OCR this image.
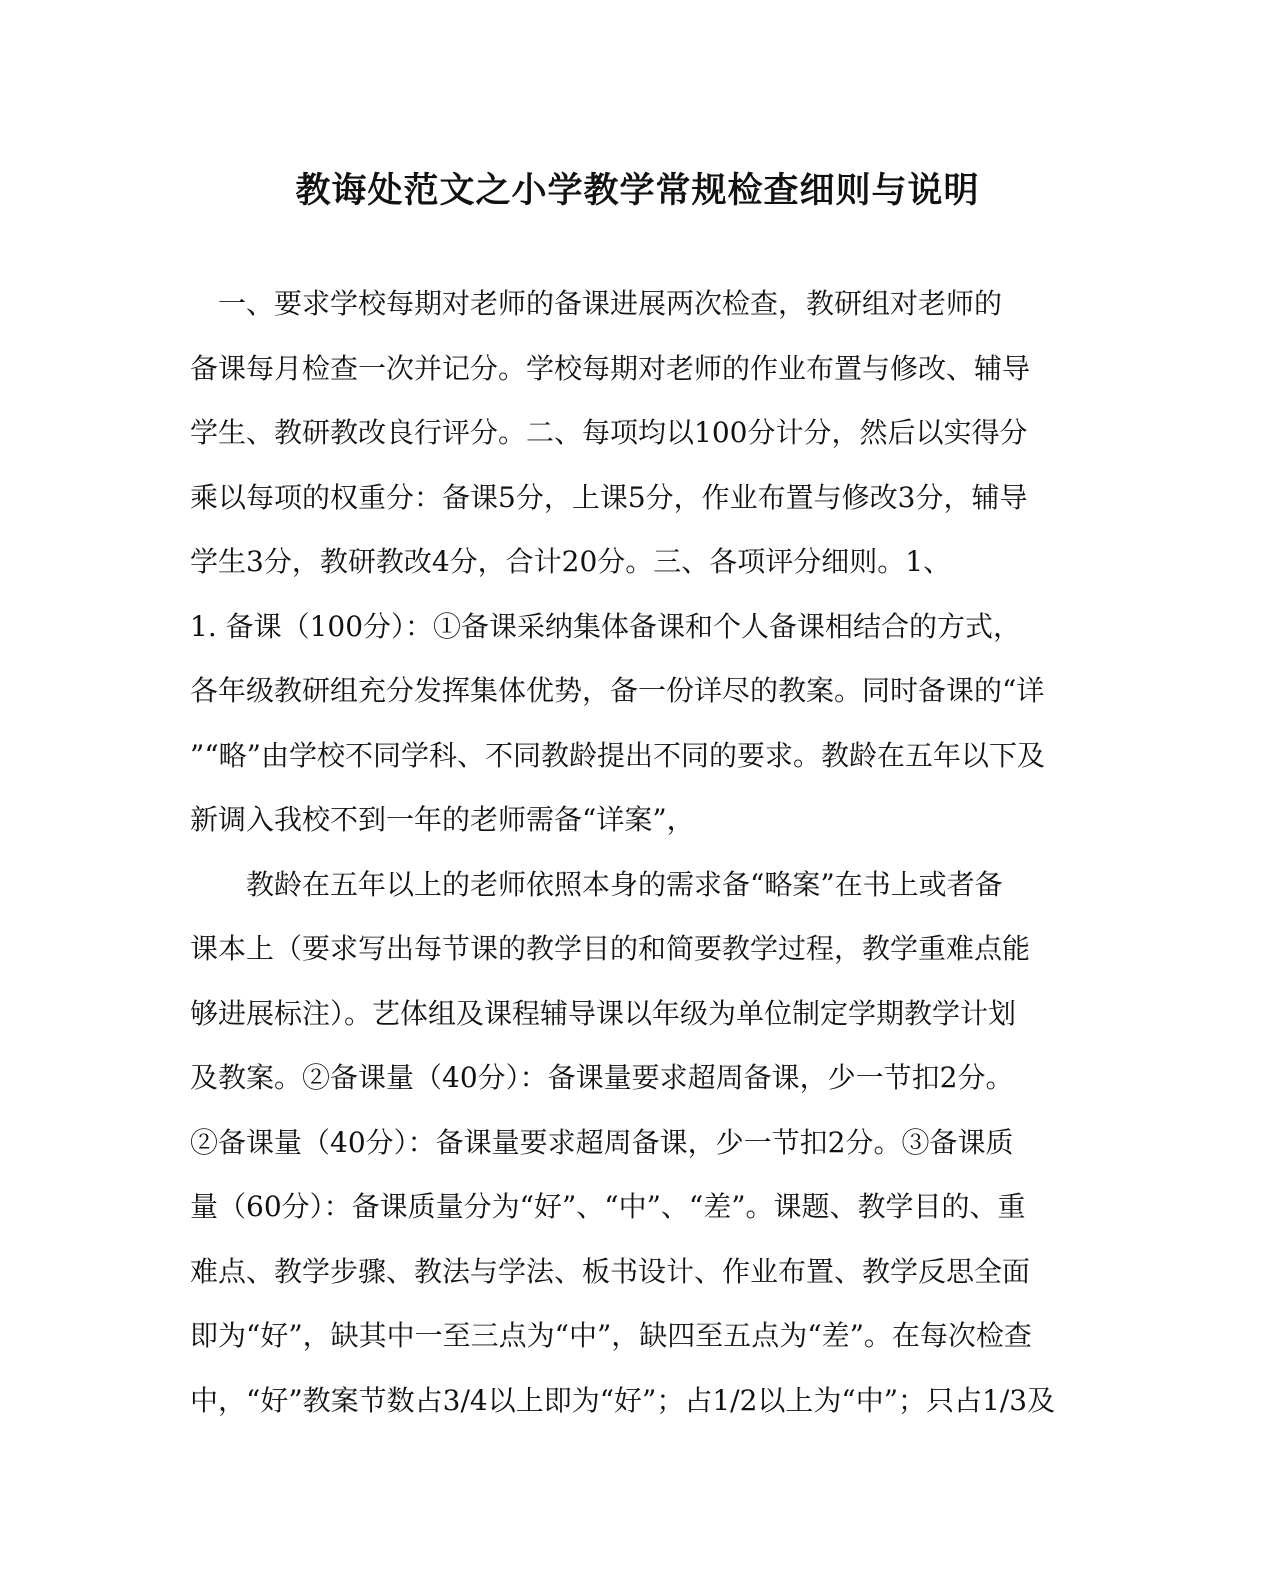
教诲处范文之小学教学常规检查细则与说明
　一、要求学校每期对老师的备课进展两次检查，教研组对老师的
备课每月检查一次并记分。学校每期对老师的作业布置与修改、辅导
学生、教研教改良行评分。二、每项均以100分计分，然后以实得分
乘以每项的权重分：备课5分，上课5分，作业布置与修改3分，辅导
学生3分，教研教改4分，合计20分。三、各项评分细则。1、
1. 备课（100分）：①备课采纳集体备课和个人备课相结合的方式，
各年级教研组充分发挥集体优势，备一份详尽的教案。同时备课的“详
”“略”由学校不同学科、不同教龄提出不同的要求。教龄在五年以下及
新调入我校不到一年的老师需备“详案”，
　　教龄在五年以上的老师依照本身的需求备“略案”在书上或者备
课本上（要求写出每节课的教学目的和简要教学过程，教学重难点能
够进展标注）。艺体组及课程辅导课以年级为单位制定学期教学计划
及教案。②备课量（40分）：备课量要求超周备课，少一节扣2分。
②备课量（40分）：备课量要求超周备课，少一节扣2分。③备课质
量（60分）：备课质量分为“好”、“中”、“差”。课题、教学目的、重
难点、教学步骤、教法与学法、板书设计、作业布置、教学反思全面
即为“好”，缺其中一至三点为“中”，缺四至五点为“差”。在每次检查
中，“好”教案节数占3/4以上即为“好”；占1/2以上为“中”；只占1/3及
